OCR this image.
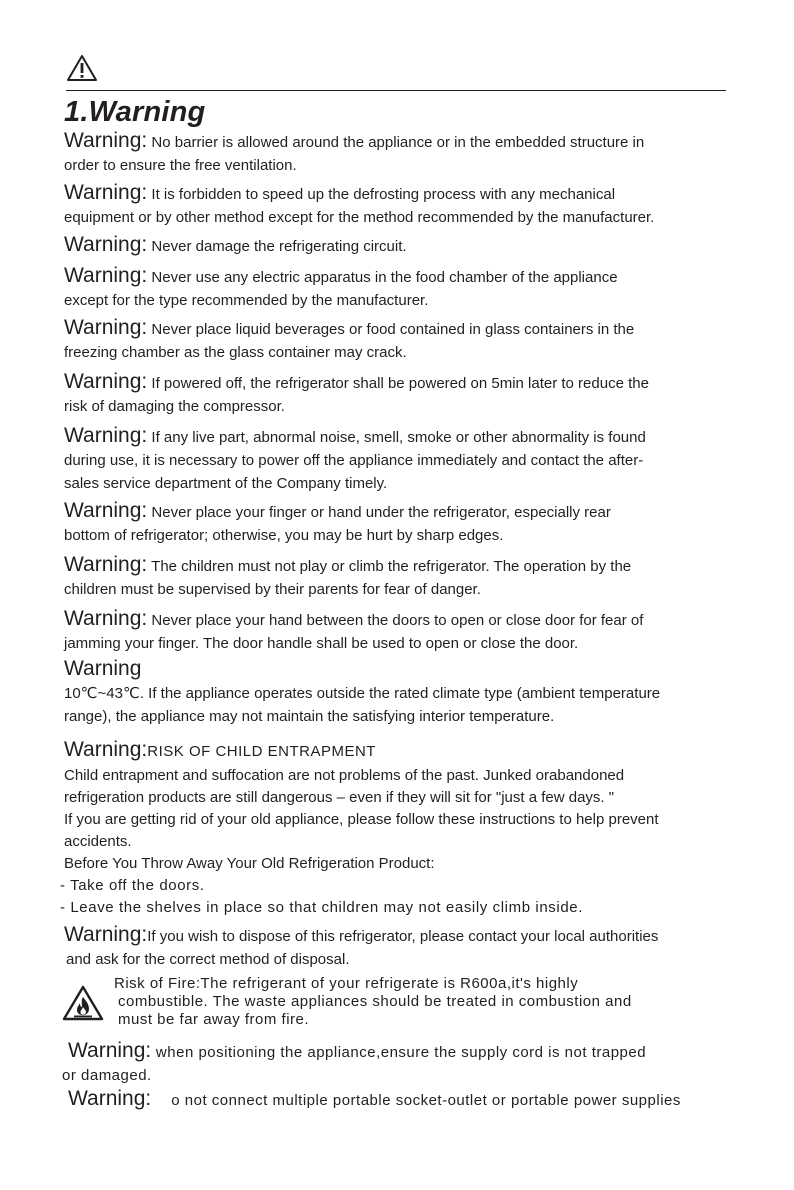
1.Warning

Warning: No barrier is allowed around the appliance or in the embedded structure in

order to ensure the free ventilation.

Warning: It is forbidden to speed up the defrosting process with any mechanical

equipment or by other method except for the method recommended by the manufacturer.

Warning: Never damage the refrigerating circuit.

Warning: Never use any electric apparatus in the food chamber of the appliance

except for the type recommended by the manufacturer.

Warning: Never place liquid beverages or food contained in glass containers in the

freezing chamber as the glass container may crack.

Warning: If powered off, the refrigerator shall be powered on 5min later to reduce the

risk of damaging the compressor.

Warning: If any live part, abnormal noise, smell, smoke or other abnormality is found

during use, it is necessary to power off the appliance immediately and contact the after-

sales service department of the Company timely.

Warning: Never place your finger or hand under the refrigerator, especially rear

bottom of refrigerator; otherwise, you may be hurt by sharp edges.

Warning: The children must not play or climb the refrigerator. The operation by the

children must be supervised by their parents for fear of danger.

Warning: Never place your hand between the doors to open or close door for fear of

jamming your finger. The door handle shall be used to open or close the door.

Warning

10℃~43℃. If the appliance operates outside the rated climate type (ambient temperature

range), the appliance may not maintain the satisfying interior temperature.

Warning:RISK OF CHILD ENTRAPMENT

Child entrapment and suffocation are not problems of the past. Junked orabandoned

refrigeration products are still dangerous – even if they will sit for "just a few days. "

If you are getting rid of your old appliance, please follow these instructions to help prevent

accidents.

Before You Throw Away Your Old Refrigeration Product:

- Take off the doors.

- Leave the shelves in place so that children may not easily climb inside.

Warning:If you wish to dispose of this refrigerator, please contact your local authorities

and ask for the correct method of disposal.

Risk of Fire:The refrigerant of your refrigerate is R600a,it's highly
combustible. The waste appliances should be treated in combustion and
must be far away from fire.

Warning: when positioning the appliance,ensure the supply cord is not trapped

or damaged.

Warning: o not connect multiple portable socket-outlet or portable power supplies
